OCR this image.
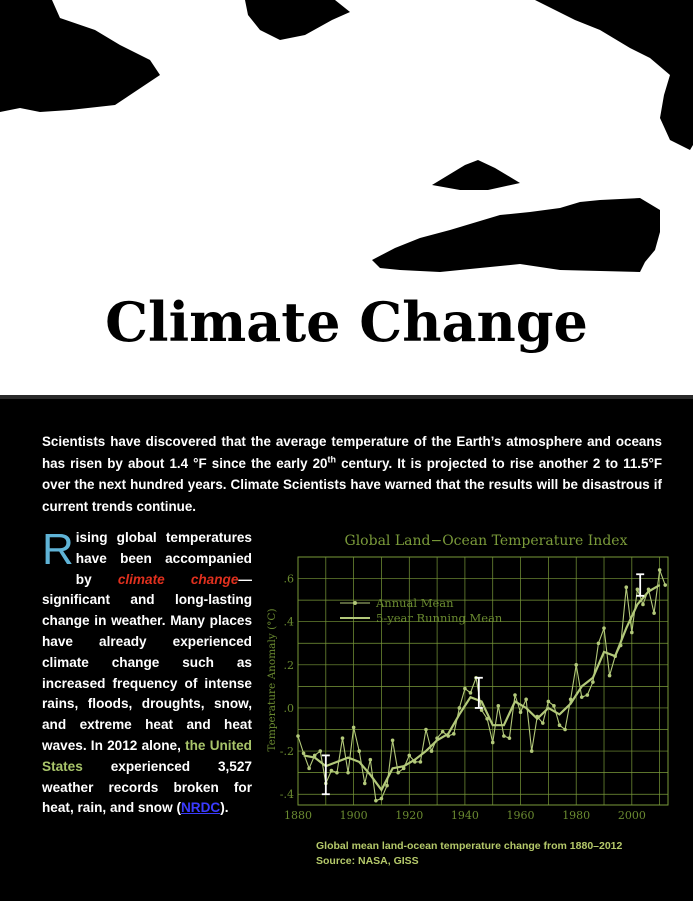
Climate Change
Scientists have discovered that the average temperature of the Earth’s atmosphere and oceans has risen by about 1.4 °F since the early 20th century. It is projected to rise another 2 to 11.5°F over the next hundred years. Climate Scientists have warned that the results will be disastrous if current trends continue.
Rising global temperatures have been accompanied by climate change—significant and long-lasting change in weather. Many places have already experienced climate change such as increased frequency of intense rains, floods, droughts, snow, and extreme heat and heat waves. In 2012 alone, the United States experienced 3,527 weather records broken for heat, rain, and snow (NRDC).
Global Land−Ocean Temperature Index
Temperature Anomaly (°C)
1880	1900	1920	1940	1960	1980	2000
-.4
-.2
.0
.2
.4
.6
Annual Mean
5-year Running Mean
Global mean land-ocean temperature change from 1880–2012
Source: NASA, GISS
